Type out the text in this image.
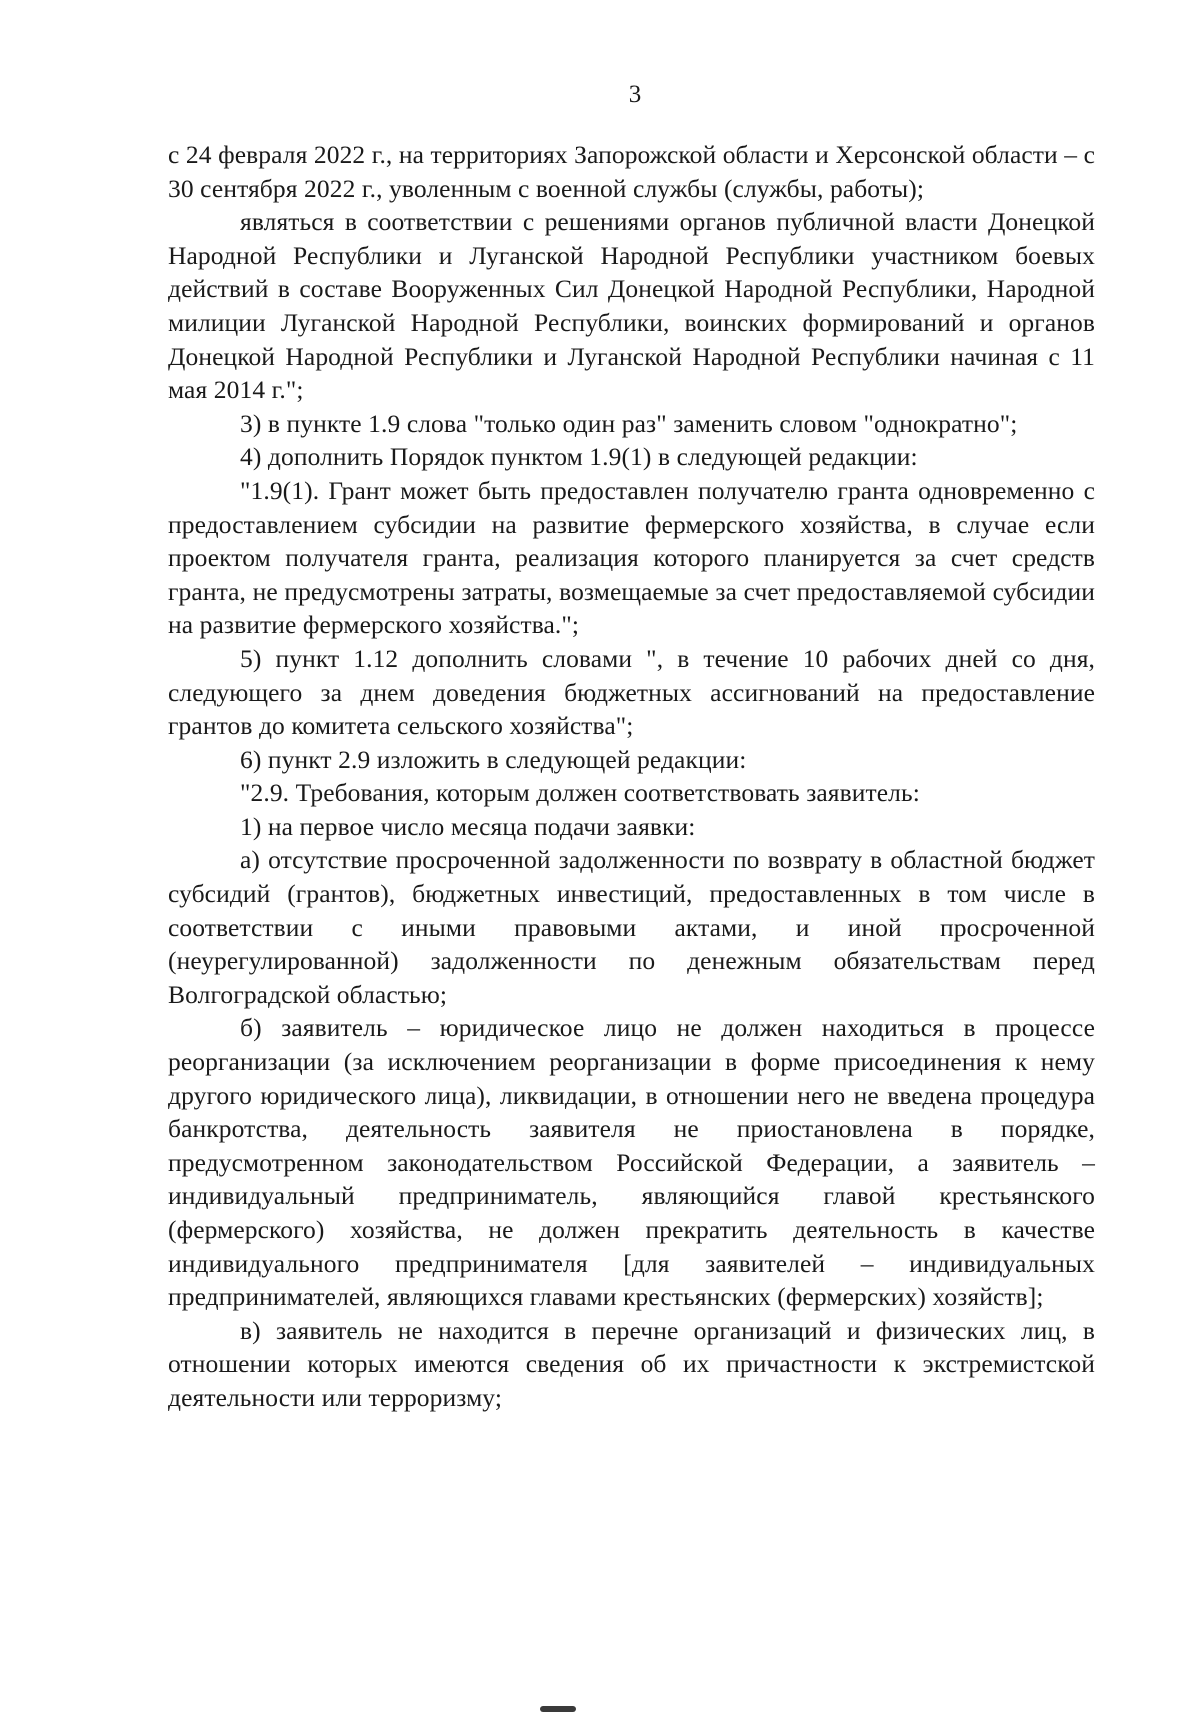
3

с 24 февраля 2022 г., на территориях Запорожской области и Херсонской области – с 30 сентября 2022 г., уволенным с военной службы (службы, работы);

являться в соответствии с решениями органов публичной власти Донецкой Народной Республики и Луганской Народной Республики участником боевых действий в составе Вооруженных Сил Донецкой Народной Республики, Народной милиции Луганской Народной Республики, воинских формирований и органов Донецкой Народной Республики и Луганской Народной Республики начиная с 11 мая 2014 г.";

3) в пункте 1.9 слова "только один раз" заменить словом "однократно";

4) дополнить Порядок пунктом 1.9(1) в следующей редакции:

"1.9(1). Грант может быть предоставлен получателю гранта одновременно с предоставлением субсидии на развитие фермерского хозяйства, в случае если проектом получателя гранта, реализация которого планируется за счет средств гранта, не предусмотрены затраты, возмещаемые за счет предоставляемой субсидии на развитие фермерского хозяйства.";

5) пункт 1.12 дополнить словами ", в течение 10 рабочих дней со дня, следующего за днем доведения бюджетных ассигнований на предоставление грантов до комитета сельского хозяйства";

6) пункт 2.9 изложить в следующей редакции:

"2.9. Требования, которым должен соответствовать заявитель:

1) на первое число месяца подачи заявки:

а) отсутствие просроченной задолженности по возврату в областной бюджет субсидий (грантов), бюджетных инвестиций, предоставленных в том числе в соответствии с иными правовыми актами, и иной просроченной (неурегулированной) задолженности по денежным обязательствам перед Волгоградской областью;

б) заявитель – юридическое лицо не должен находиться в процессе реорганизации (за исключением реорганизации в форме присоединения к нему другого юридического лица), ликвидации, в отношении него не введена процедура банкротства, деятельность заявителя не приостановлена в порядке, предусмотренном законодательством Российской Федерации, а заявитель – индивидуальный предприниматель, являющийся главой крестьянского (фермерского) хозяйства, не должен прекратить деятельность в качестве индивидуального предпринимателя [для заявителей – индивидуальных предпринимателей, являющихся главами крестьянских (фермерских) хозяйств];

в) заявитель не находится в перечне организаций и физических лиц, в отношении которых имеются сведения об их причастности к экстремистской деятельности или терроризму;
